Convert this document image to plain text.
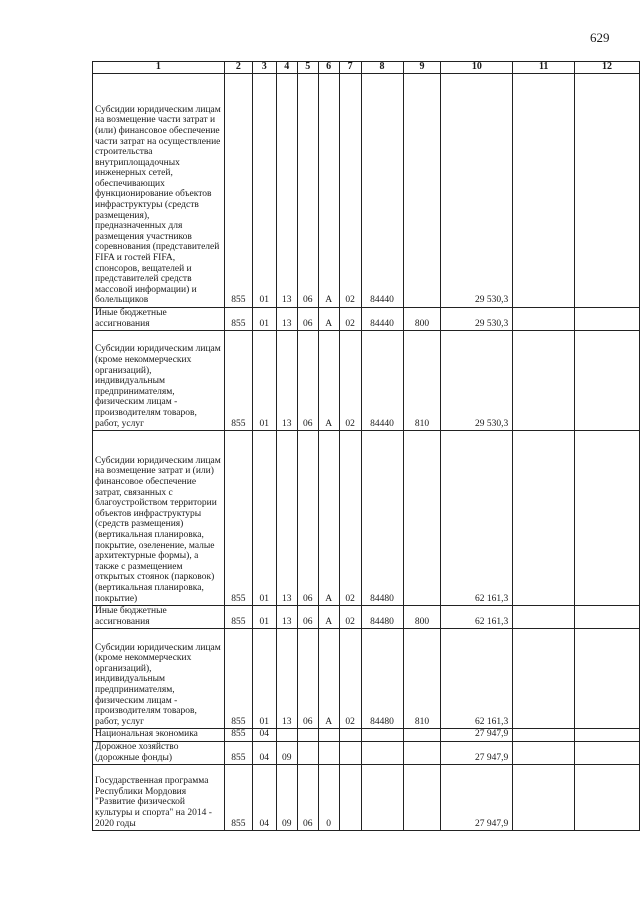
629
1	2	3	4	5	6	7	8	9	10	11	12
Субсидии юридическим лицам на возмещение части затрат и (или) финансовое обеспечение части затрат на осуществление строительства внутриплощадочных инженерных сетей, обеспечивающих функционирование объектов инфраструктуры (средств размещения), предназначенных для размещения участников соревнования (представителей FIFA и гостей FIFA, спонсоров, вещателей и представителей средств массовой информации) и болельщиков	855	01	13	06	А	02	84440		29 530,3		
Иные бюджетные ассигнования	855	01	13	06	А	02	84440	800	29 530,3		
Субсидии юридическим лицам (кроме некоммерческих организаций), индивидуальным предпринимателям, физическим лицам - производителям товаров, работ, услуг	855	01	13	06	А	02	84440	810	29 530,3		
Субсидии юридическим лицам на возмещение затрат и (или) финансовое обеспечение затрат, связанных с благоустройством территории объектов инфраструктуры (средств размещения) (вертикальная планировка, покрытие, озеленение, малые архитектурные формы), а также с размещением открытых стоянок (парковок) (вертикальная планировка, покрытие)	855	01	13	06	А	02	84480		62 161,3		
Иные бюджетные ассигнования	855	01	13	06	А	02	84480	800	62 161,3		
Субсидии юридическим лицам (кроме некоммерческих организаций), индивидуальным предпринимателям, физическим лицам - производителям товаров, работ, услуг	855	01	13	06	А	02	84480	810	62 161,3		
Национальная экономика	855	04							27 947,9		
Дорожное хозяйство (дорожные фонды)	855	04	09						27 947,9		
Государственная программа Республики Мордовия "Развитие физической культуры и спорта" на 2014 - 2020 годы	855	04	09	06	0				27 947,9		
